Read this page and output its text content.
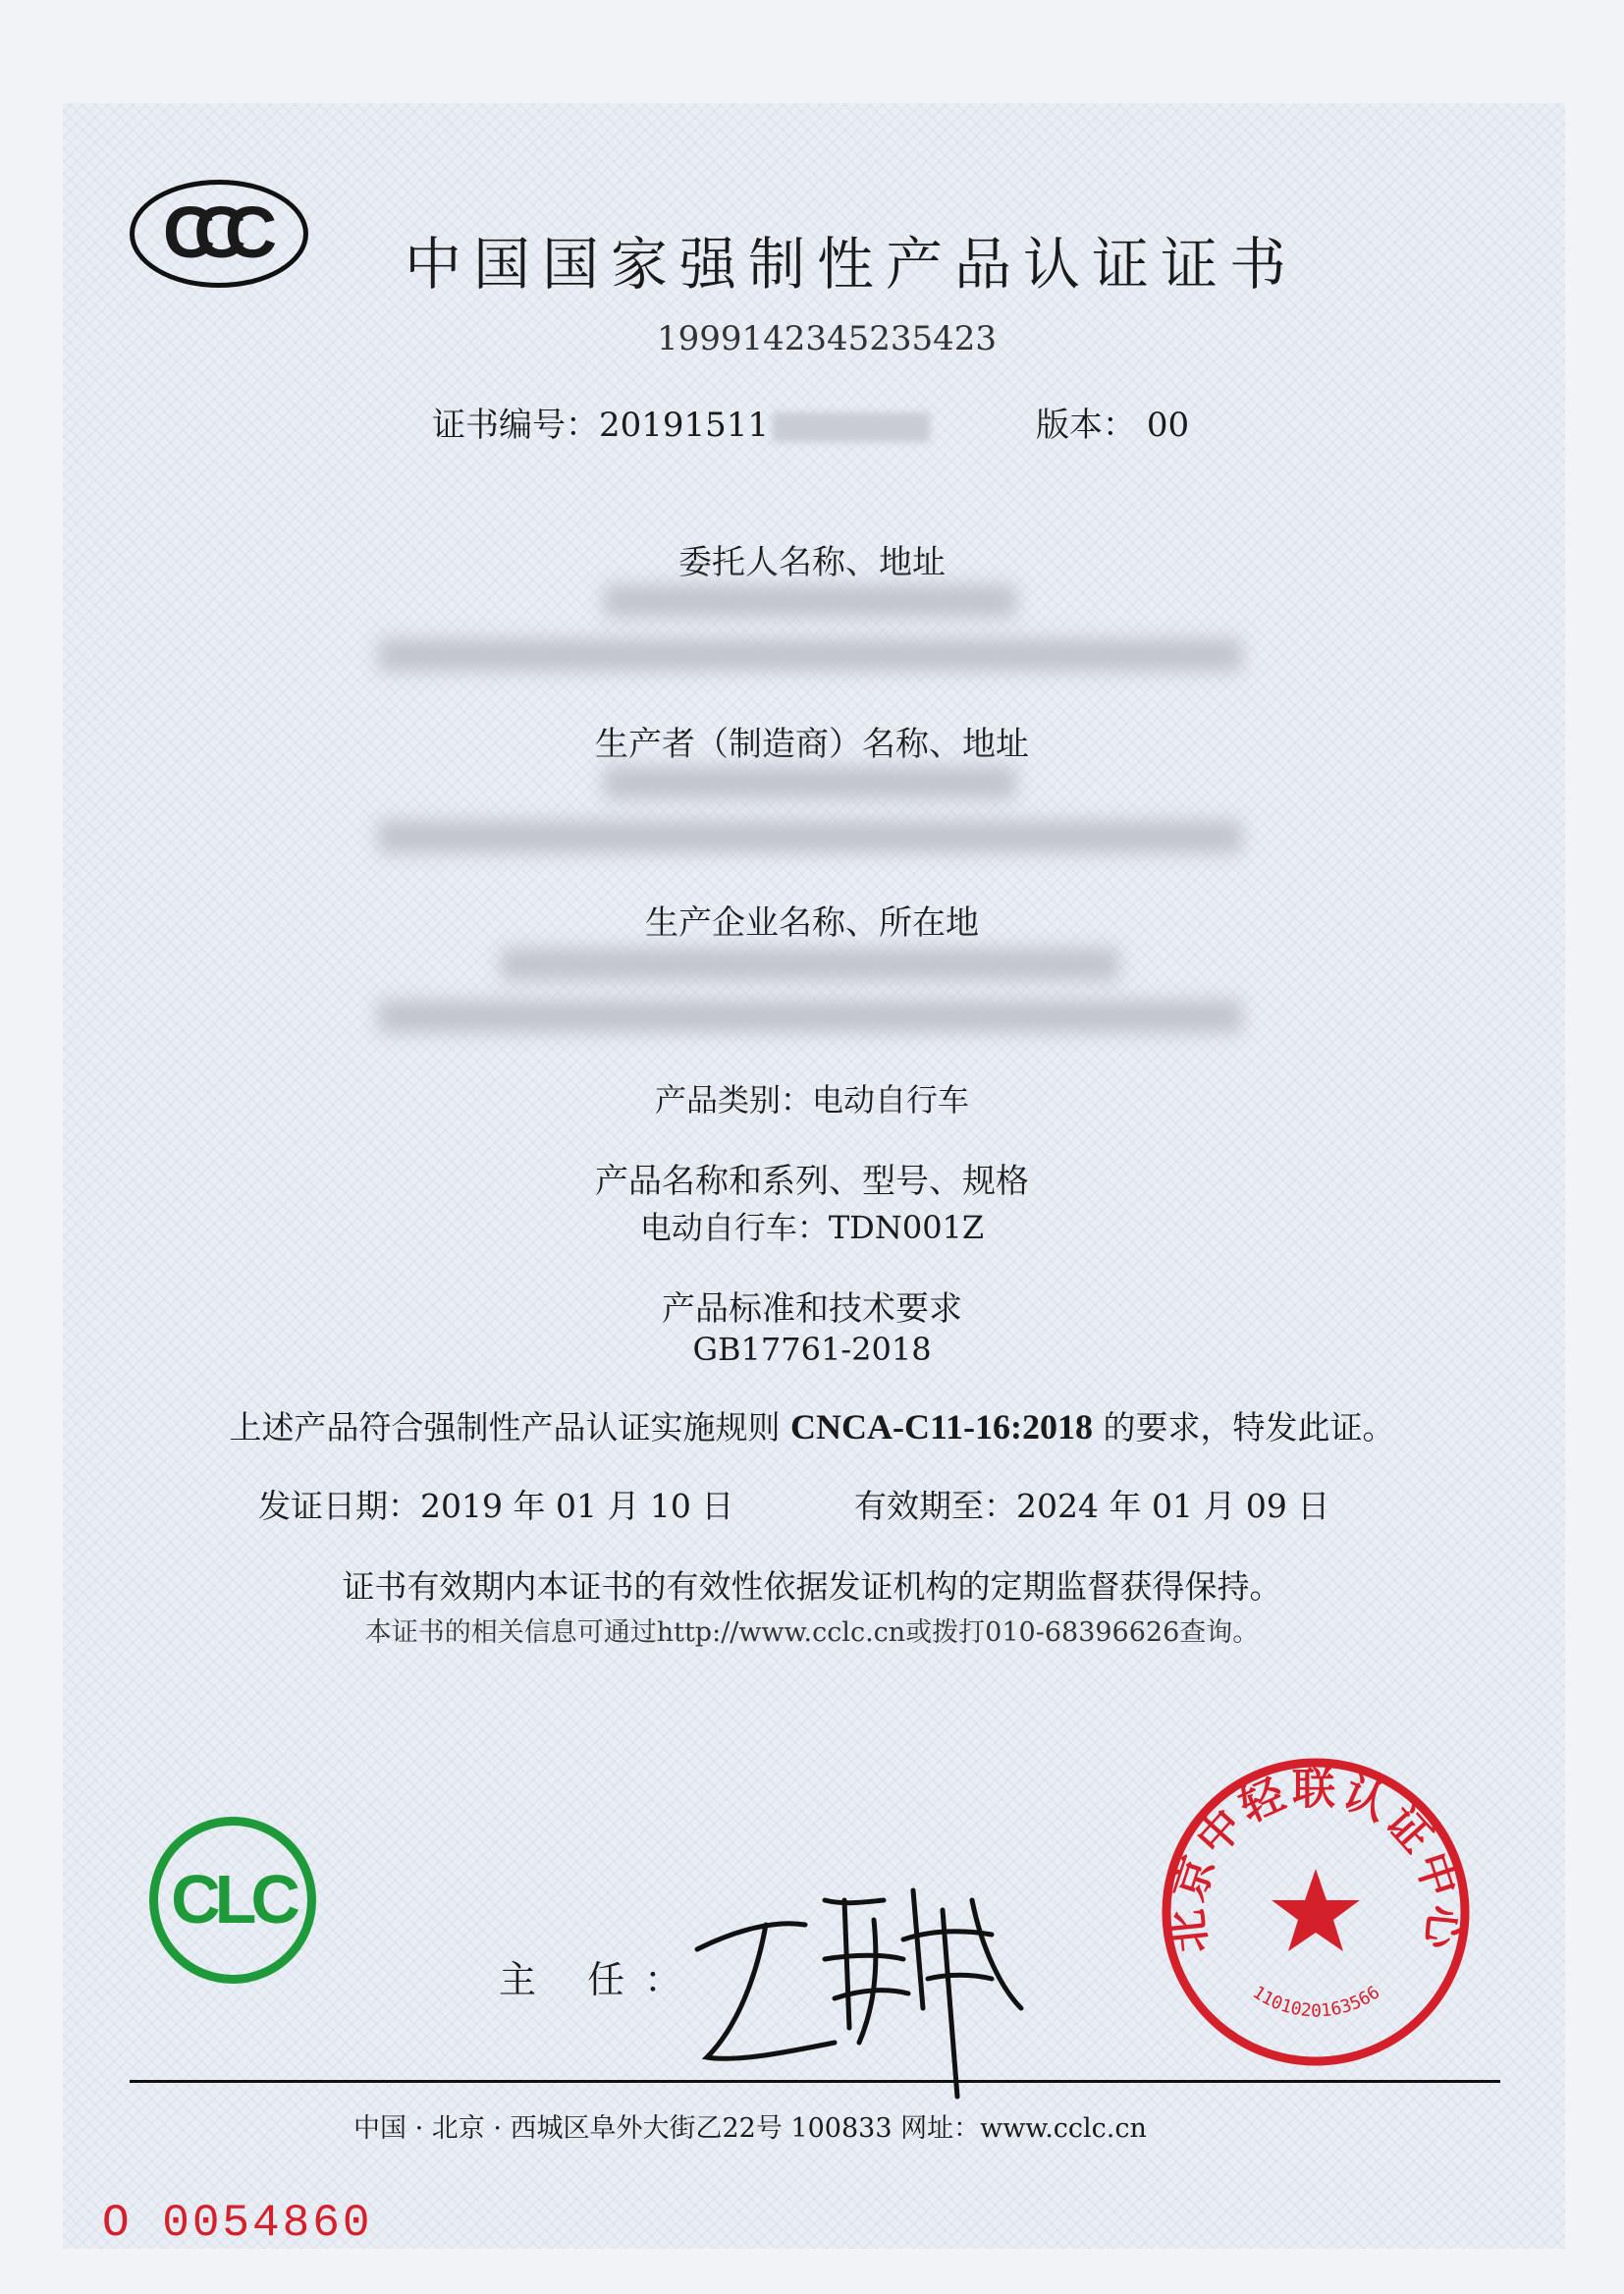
CCC	中国国家强制性产品认证证书
1999142345235423
证书编号：20191511	版本： 00
委托人名称、地址
生产者（制造商）名称、地址
生产企业名称、所在地
产品类别：电动自行车
产品名称和系列、型号、规格
电动自行车：TDN001Z
产品标准和技术要求
GB17761-2018
上述产品符合强制性产品认证实施规则 CNCA-C11-16:2018 的要求，特发此证。
发证日期：2019 年 01 月 10 日	有效期至：2024 年 01 月 09 日
证书有效期内本证书的有效性依据发证机构的定期监督获得保持。
本证书的相关信息可通过http://www.cclc.cn或拨打010-68396626查询。
CLC
主 任：
北京中轻联认证中心
1101020163566
中国 · 北京 · 西城区阜外大街乙22号 100833 网址：www.cclc.cn
O 0054860
